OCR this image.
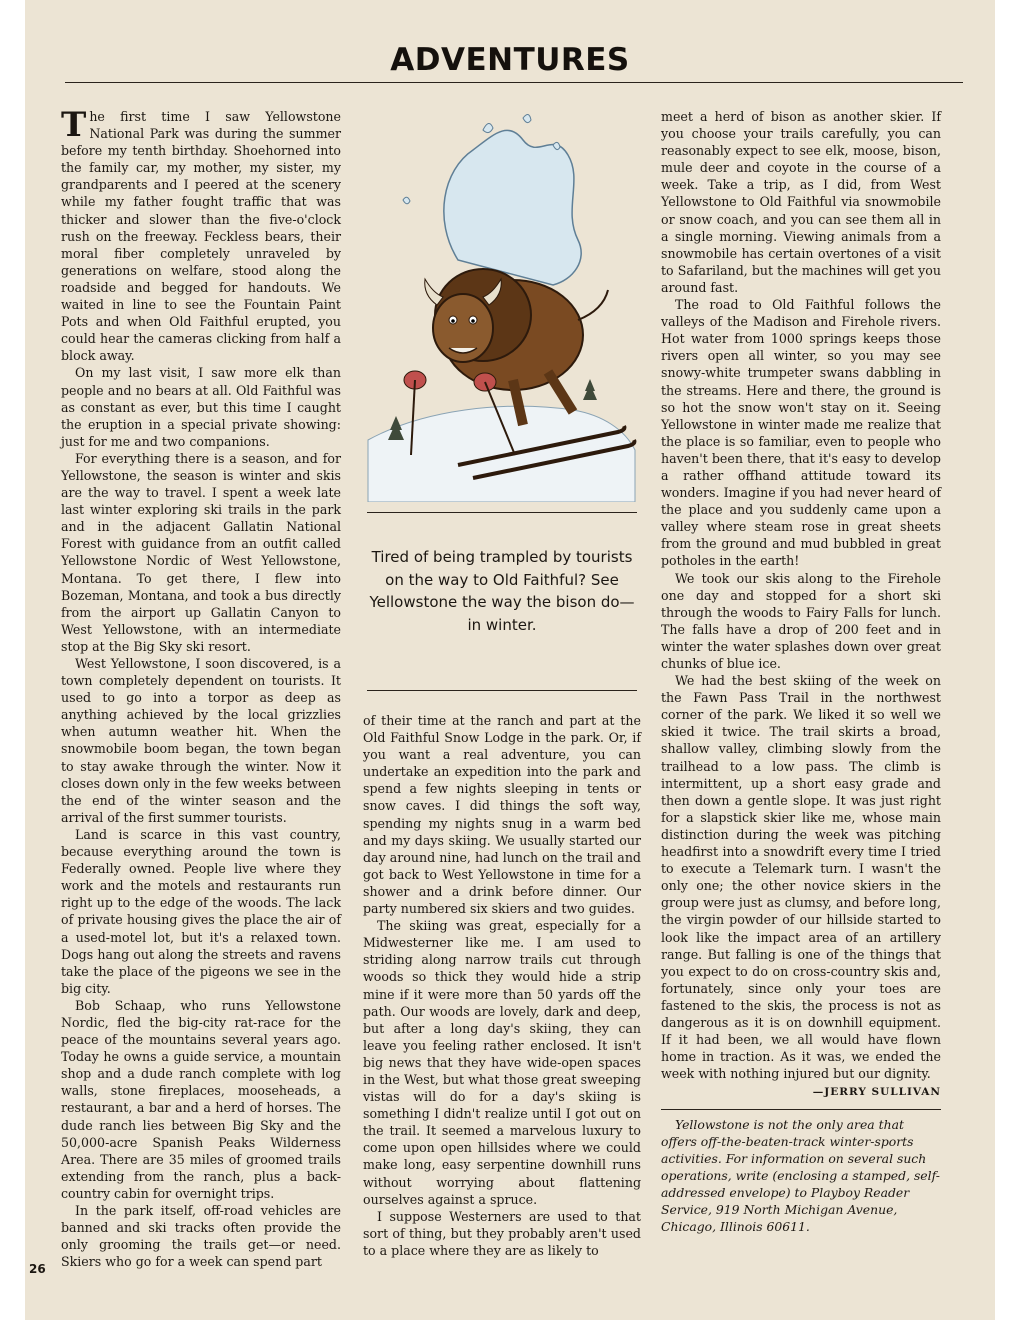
ADVENTURES

The first time I saw Yellowstone National Park was during the summer before my tenth birthday. Shoehorned into the family car, my mother, my sister, my grandparents and I peered at the scenery while my father fought traffic that was thicker and slower than the five-o'clock rush on the freeway. Feckless bears, their moral fiber completely unraveled by generations on welfare, stood along the roadside and begged for handouts. We waited in line to see the Fountain Paint Pots and when Old Faithful erupted, you could hear the cameras clicking from half a block away.

On my last visit, I saw more elk than people and no bears at all. Old Faithful was as constant as ever, but this time I caught the eruption in a special private showing: just for me and two companions.

For everything there is a season, and for Yellowstone, the season is winter and skis are the way to travel. I spent a week late last winter exploring ski trails in the park and in the adjacent Gallatin National Forest with guidance from an outfit called Yellowstone Nordic of West Yellowstone, Montana. To get there, I flew into Bozeman, Montana, and took a bus directly from the airport up Gallatin Canyon to West Yellowstone, with an intermediate stop at the Big Sky ski resort.

West Yellowstone, I soon discovered, is a town completely dependent on tourists. It used to go into a torpor as deep as anything achieved by the local grizzlies when autumn weather hit. When the snowmobile boom began, the town began to stay awake through the winter. Now it closes down only in the few weeks between the end of the winter season and the arrival of the first summer tourists.

Land is scarce in this vast country, because everything around the town is Federally owned. People live where they work and the motels and restaurants run right up to the edge of the woods. The lack of private housing gives the place the air of a used-motel lot, but it's a relaxed town. Dogs hang out along the streets and ravens take the place of the pigeons we see in the big city.

Bob Schaap, who runs Yellowstone Nordic, fled the big-city rat-race for the peace of the mountains several years ago. Today he owns a guide service, a mountain shop and a dude ranch complete with log walls, stone fireplaces, mooseheads, a restaurant, a bar and a herd of horses. The dude ranch lies between Big Sky and the 50,000-acre Spanish Peaks Wilderness Area. There are 35 miles of groomed trails extending from the ranch, plus a back-country cabin for overnight trips.

In the park itself, off-road vehicles are banned and ski tracks often provide the only grooming the trails get—or need. Skiers who go for a week can spend part

Tired of being trampled by tourists on the way to Old Faithful? See Yellowstone the way the bison do—in winter.

of their time at the ranch and part at the Old Faithful Snow Lodge in the park. Or, if you want a real adventure, you can undertake an expedition into the park and spend a few nights sleeping in tents or snow caves. I did things the soft way, spending my nights snug in a warm bed and my days skiing. We usually started our day around nine, had lunch on the trail and got back to West Yellowstone in time for a shower and a drink before dinner. Our party numbered six skiers and two guides.

The skiing was great, especially for a Midwesterner like me. I am used to striding along narrow trails cut through woods so thick they would hide a strip mine if it were more than 50 yards off the path. Our woods are lovely, dark and deep, but after a long day's skiing, they can leave you feeling rather enclosed. It isn't big news that they have wide-open spaces in the West, but what those great sweeping vistas will do for a day's skiing is something I didn't realize until I got out on the trail. It seemed a marvelous luxury to come upon open hillsides where we could make long, easy serpentine downhill runs without worrying about flattening ourselves against a spruce.

I suppose Westerners are used to that sort of thing, but they probably aren't used to a place where they are as likely to

meet a herd of bison as another skier. If you choose your trails carefully, you can reasonably expect to see elk, moose, bison, mule deer and coyote in the course of a week. Take a trip, as I did, from West Yellowstone to Old Faithful via snowmobile or snow coach, and you can see them all in a single morning. Viewing animals from a snowmobile has certain overtones of a visit to Safariland, but the machines will get you around fast.

The road to Old Faithful follows the valleys of the Madison and Firehole rivers. Hot water from 1000 springs keeps those rivers open all winter, so you may see snowy-white trumpeter swans dabbling in the streams. Here and there, the ground is so hot the snow won't stay on it. Seeing Yellowstone in winter made me realize that the place is so familiar, even to people who haven't been there, that it's easy to develop a rather offhand attitude toward its wonders. Imagine if you had never heard of the place and you suddenly came upon a valley where steam rose in great sheets from the ground and mud bubbled in great potholes in the earth!

We took our skis along to the Firehole one day and stopped for a short ski through the woods to Fairy Falls for lunch. The falls have a drop of 200 feet and in winter the water splashes down over great chunks of blue ice.

We had the best skiing of the week on the Fawn Pass Trail in the northwest corner of the park. We liked it so well we skied it twice. The trail skirts a broad, shallow valley, climbing slowly from the trailhead to a low pass. The climb is intermittent, up a short easy grade and then down a gentle slope. It was just right for a slapstick skier like me, whose main distinction during the week was pitching headfirst into a snowdrift every time I tried to execute a Telemark turn. I wasn't the only one; the other novice skiers in the group were just as clumsy, and before long, the virgin powder of our hillside started to look like the impact area of an artillery range. But falling is one of the things that you expect to do on cross-country skis and, fortunately, since only your toes are fastened to the skis, the process is not as dangerous as it is on downhill equipment. If it had been, we all would have flown home in traction. As it was, we ended the week with nothing injured but our dignity.

—JERRY SULLIVAN

Yellowstone is not the only area that offers off-the-beaten-track winter-sports activities. For information on several such operations, write (enclosing a stamped, self-addressed envelope) to Playboy Reader Service, 919 North Michigan Avenue, Chicago, Illinois 60611.

26
